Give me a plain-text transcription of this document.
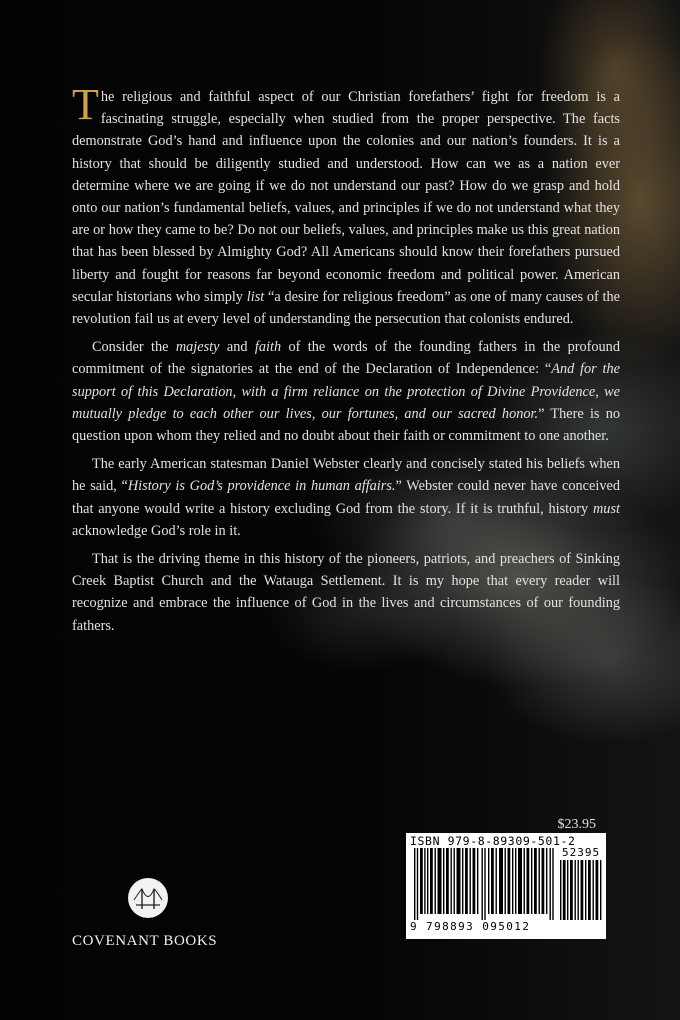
The religious and faithful aspect of our Christian forefathers’ fight for freedom is a fascinating struggle, especially when studied from the proper perspective. The facts demonstrate God’s hand and influence upon the colonies and our nation’s founders. It is a history that should be diligently studied and understood. How can we as a nation ever determine where we are going if we do not understand our past? How do we grasp and hold onto our nation’s fundamental beliefs, values, and principles if we do not understand what they are or how they came to be? Do not our beliefs, values, and principles make us this great nation that has been blessed by Almighty God? All Americans should know their forefathers pursued liberty and fought for reasons far beyond economic freedom and political power. American secular historians who simply list “a desire for religious freedom” as one of many causes of the revolution fail us at every level of understanding the persecution that colonists endured.

Consider the majesty and faith of the words of the founding fathers in the profound commitment of the signatories at the end of the Declaration of Independence: “And for the support of this Declaration, with a firm reliance on the protection of Divine Providence, we mutually pledge to each other our lives, our fortunes, and our sacred honor.” There is no question upon whom they relied and no doubt about their faith or commitment to one another.

The early American statesman Daniel Webster clearly and concisely stated his beliefs when he said, “History is God’s providence in human affairs.” Webster could never have conceived that anyone would write a history excluding God from the story. If it is truthful, history must acknowledge God’s role in it.

That is the driving theme in this history of the pioneers, patriots, and preachers of Sinking Creek Baptist Church and the Watauga Settlement. It is my hope that every reader will recognize and embrace the influence of God in the lives and circumstances of our founding fathers.

$23.95
ISBN 979-8-89309-501-2
52395
9 798893 095012
COVENANT BOOKS
